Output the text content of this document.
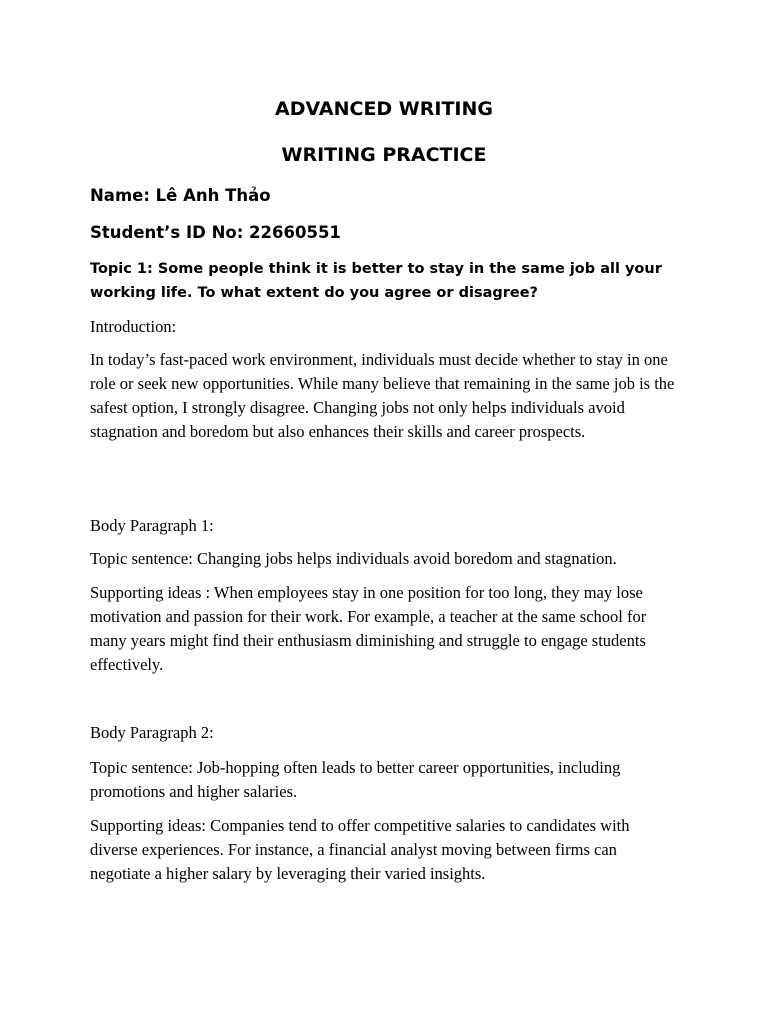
ADVANCED WRITING

WRITING PRACTICE

Name: Lê Anh Thảo

Student’s ID No: 22660551

Topic 1: Some people think it is better to stay in the same job all your working life. To what extent do you agree or disagree?

Introduction:

In today’s fast-paced work environment, individuals must decide whether to stay in one role or seek new opportunities. While many believe that remaining in the same job is the safest option, I strongly disagree. Changing jobs not only helps individuals avoid stagnation and boredom but also enhances their skills and career prospects.

Body Paragraph 1:

Topic sentence: Changing jobs helps individuals avoid boredom and stagnation.

Supporting ideas : When employees stay in one position for too long, they may lose motivation and passion for their work. For example, a teacher at the same school for many years might find their enthusiasm diminishing and struggle to engage students effectively.

Body Paragraph 2:

Topic sentence: Job-hopping often leads to better career opportunities, including promotions and higher salaries.

Supporting ideas: Companies tend to offer competitive salaries to candidates with diverse experiences. For instance, a financial analyst moving between firms can negotiate a higher salary by leveraging their varied insights.
